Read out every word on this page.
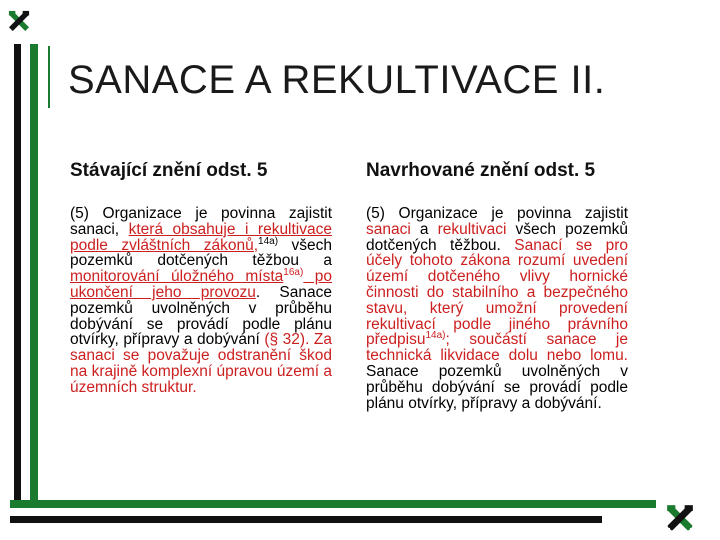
SANACE A REKULTIVACE II.
Stávající znění odst. 5	Navrhované znění odst. 5

(5) Organizace je povinna zajistit sanaci, která obsahuje i rekultivace podle zvláštních zákonů,$^{14a)}$ všech pozemků dotčených těžbou a monitorování úložného místa$^{16a)}$ po ukončení jeho provozu. Sanace pozemků uvolněných v průběhu dobývání se provádí podle plánu otvírky, přípravy a dobývání (§ 32). Za sanaci se považuje odstranění škod na krajině komplexní úpravou území a územních struktur.

(5) Organizace je povinna zajistit sanaci a rekultivaci všech pozemků dotčených těžbou. Sanací se pro účely tohoto zákona rozumí uvedení území dotčeného vlivy hornické činnosti do stabilního a bezpečného stavu, který umožní provedení rekultivací podle jiného právního předpisu$^{14a)}$; součástí sanace je technická likvidace dolu nebo lomu. Sanace pozemků uvolněných v průběhu dobývání se provádí podle plánu otvírky, přípravy a dobývání.
